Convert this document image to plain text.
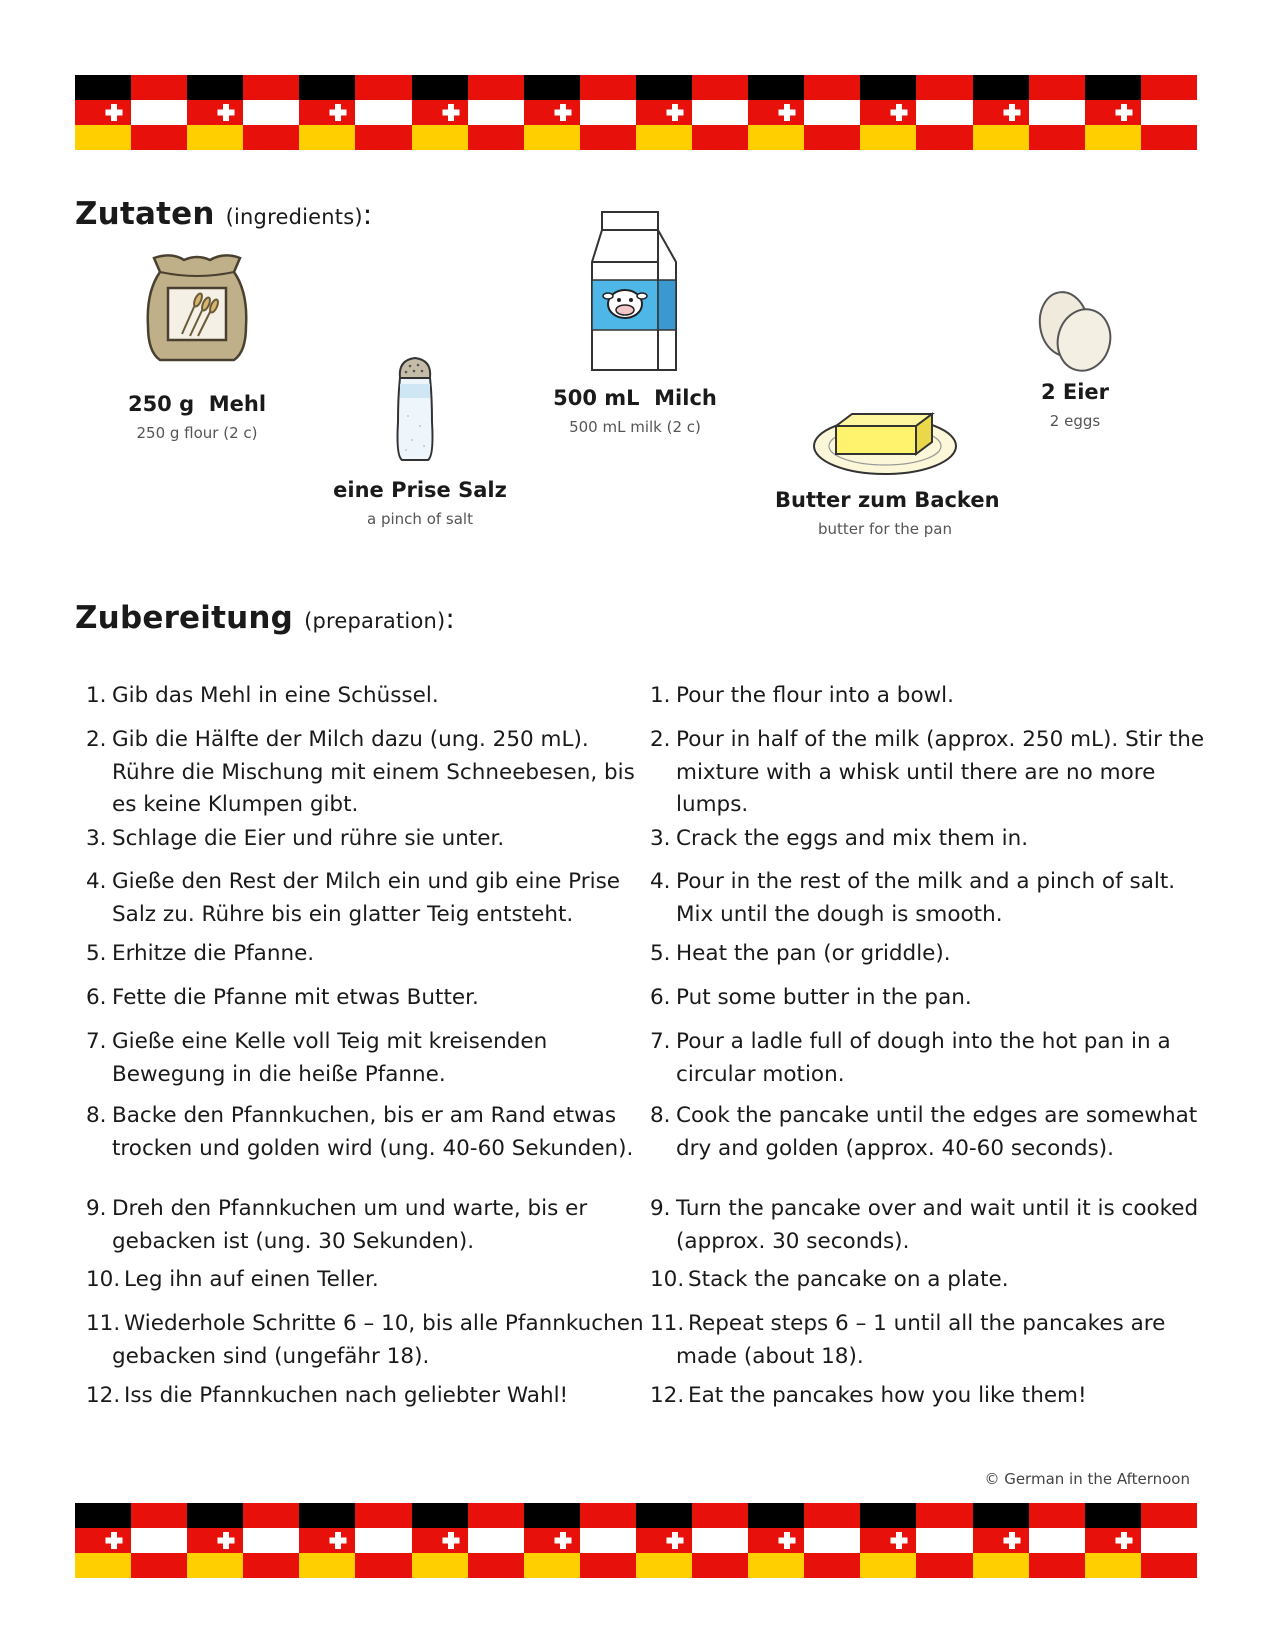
Zutaten (ingredients):
250 g  Mehl
250 g flour (2 c)
eine Prise Salz
a pinch of salt
500 mL  Milch
500 mL milk (2 c)
Butter zum Backen
butter for the pan
2 Eier
2 eggs
Zubereitung (preparation):
1. Gib das Mehl in eine Schüssel.
2. Gib die Hälfte der Milch dazu (ung. 250 mL). Rühre die Mischung mit einem Schneebesen, bis es keine Klumpen gibt.
3. Schlage die Eier und rühre sie unter.
4. Gieße den Rest der Milch ein und gib eine Prise Salz zu. Rühre bis ein glatter Teig entsteht.
5. Erhitze die Pfanne.
6. Fette die Pfanne mit etwas Butter.
7. Gieße eine Kelle voll Teig mit kreisenden Bewegung in die heiße Pfanne.
8. Backe den Pfannkuchen, bis er am Rand etwas trocken und golden wird (ung. 40-60 Sekunden).
9. Dreh den Pfannkuchen um und warte, bis er gebacken ist (ung. 30 Sekunden).
10. Leg ihn auf einen Teller.
11. Wiederhole Schritte 6 – 10, bis alle Pfannkuchen gebacken sind (ungefähr 18).
12. Iss die Pfannkuchen nach geliebter Wahl!
1. Pour the flour into a bowl.
2. Pour in half of the milk (approx. 250 mL). Stir the mixture with a whisk until there are no more lumps.
3. Crack the eggs and mix them in.
4. Pour in the rest of the milk and a pinch of salt. Mix until the dough is smooth.
5. Heat the pan (or griddle).
6. Put some butter in the pan.
7. Pour a ladle full of dough into the hot pan in a circular motion.
8. Cook the pancake until the edges are somewhat dry and golden (approx. 40-60 seconds).
9. Turn the pancake over and wait until it is cooked (approx. 30 seconds).
10. Stack the pancake on a plate.
11. Repeat steps 6 – 1 until all the pancakes are made (about 18).
12. Eat the pancakes how you like them!
© German in the Afternoon
